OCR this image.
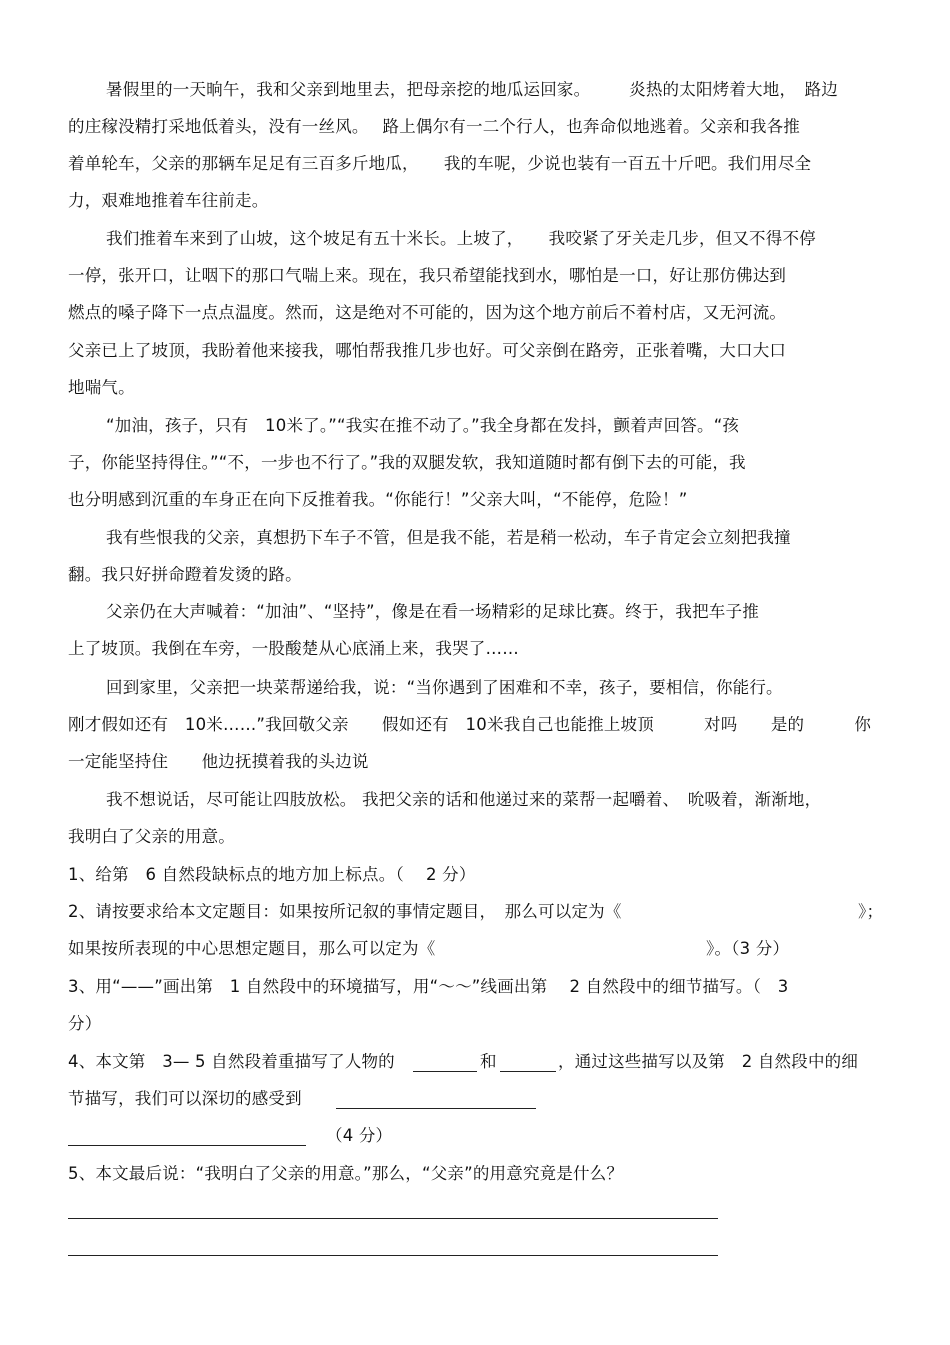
暑假里的一天晌午，我和父亲到地里去，把母亲挖的地瓜运回家。 　　炎热的太阳烤着大地，　路边
的庄稼没精打采地低着头，没有一丝风。　 路上偶尔有一二个行人，也奔命似地逃着。父亲和我各推
着单轮车，父亲的那辆车足足有三百多斤地瓜，　　我的车呢，少说也装有一百五十斤吧。我们用尽全
力，艰难地推着车往前走。
我们推着车来到了山坡，这个坡足有五十米长。上坡了，　　我咬紧了牙关走几步，但又不得不停
一停，张开口，让咽下的那口气喘上来。现在，我只希望能找到水，哪怕是一口，好让那仿佛达到
燃点的嗓子降下一点点温度。然而，这是绝对不可能的，因为这个地方前后不着村店，又无河流。
父亲已上了坡顶，我盼着他来接我，哪怕帮我推几步也好。可父亲倒在路旁，正张着嘴，大口大口
地喘气。
“加油，孩子，只有　10米了。”“我实在推不动了。”我全身都在发抖，颤着声回答。“孩
子，你能坚持得住。”“不，一步也不行了。”我的双腿发软，我知道随时都有倒下去的可能，我
也分明感到沉重的车身正在向下反推着我。“你能行！”父亲大叫，“不能停，危险！”
我有些恨我的父亲，真想扔下车子不管，但是我不能，若是稍一松动，车子肯定会立刻把我撞
翻。我只好拼命蹬着发烫的路。
父亲仍在大声喊着：“加油”、“坚持”，像是在看一场精彩的足球比赛。终于，我把车子推
上了坡顶。我倒在车旁，一股酸楚从心底涌上来，我哭了……
回到家里，父亲把一块菜帮递给我，说：“当你遇到了困难和不幸，孩子，要相信，你能行。
刚才假如还有　10米……”我回敬父亲　　假如还有　10米我自己也能推上坡顶　　　对吗　　是的　　　你
一定能坚持住　　他边抚摸着我的头边说
我不想说话，尽可能让四肢放松。 我把父亲的话和他递过来的菜帮一起嚼着、　吮吸着，渐渐地，
我明白了父亲的用意。
1、给第　6 自然段缺标点的地方加上标点。（　 2 分）
2、请按要求给本文定题目：如果按所记叙的事情定题目，　那么可以定为《	》；
如果按所表现的中心思想定题目，那么可以定为《	》。（3 分）
3、用“——”画出第　1 自然段中的环境描写，用“～～”线画出第　 2 自然段中的细节描写。（　3
分）
4、本文第　3— 5 自然段着重描写了人物的	和	，通过这些描写以及第　2 自然段中的细
节描写，我们可以深切的感受到
（4 分）
5、本文最后说：“我明白了父亲的用意。”那么，“父亲”的用意究竟是什么？
